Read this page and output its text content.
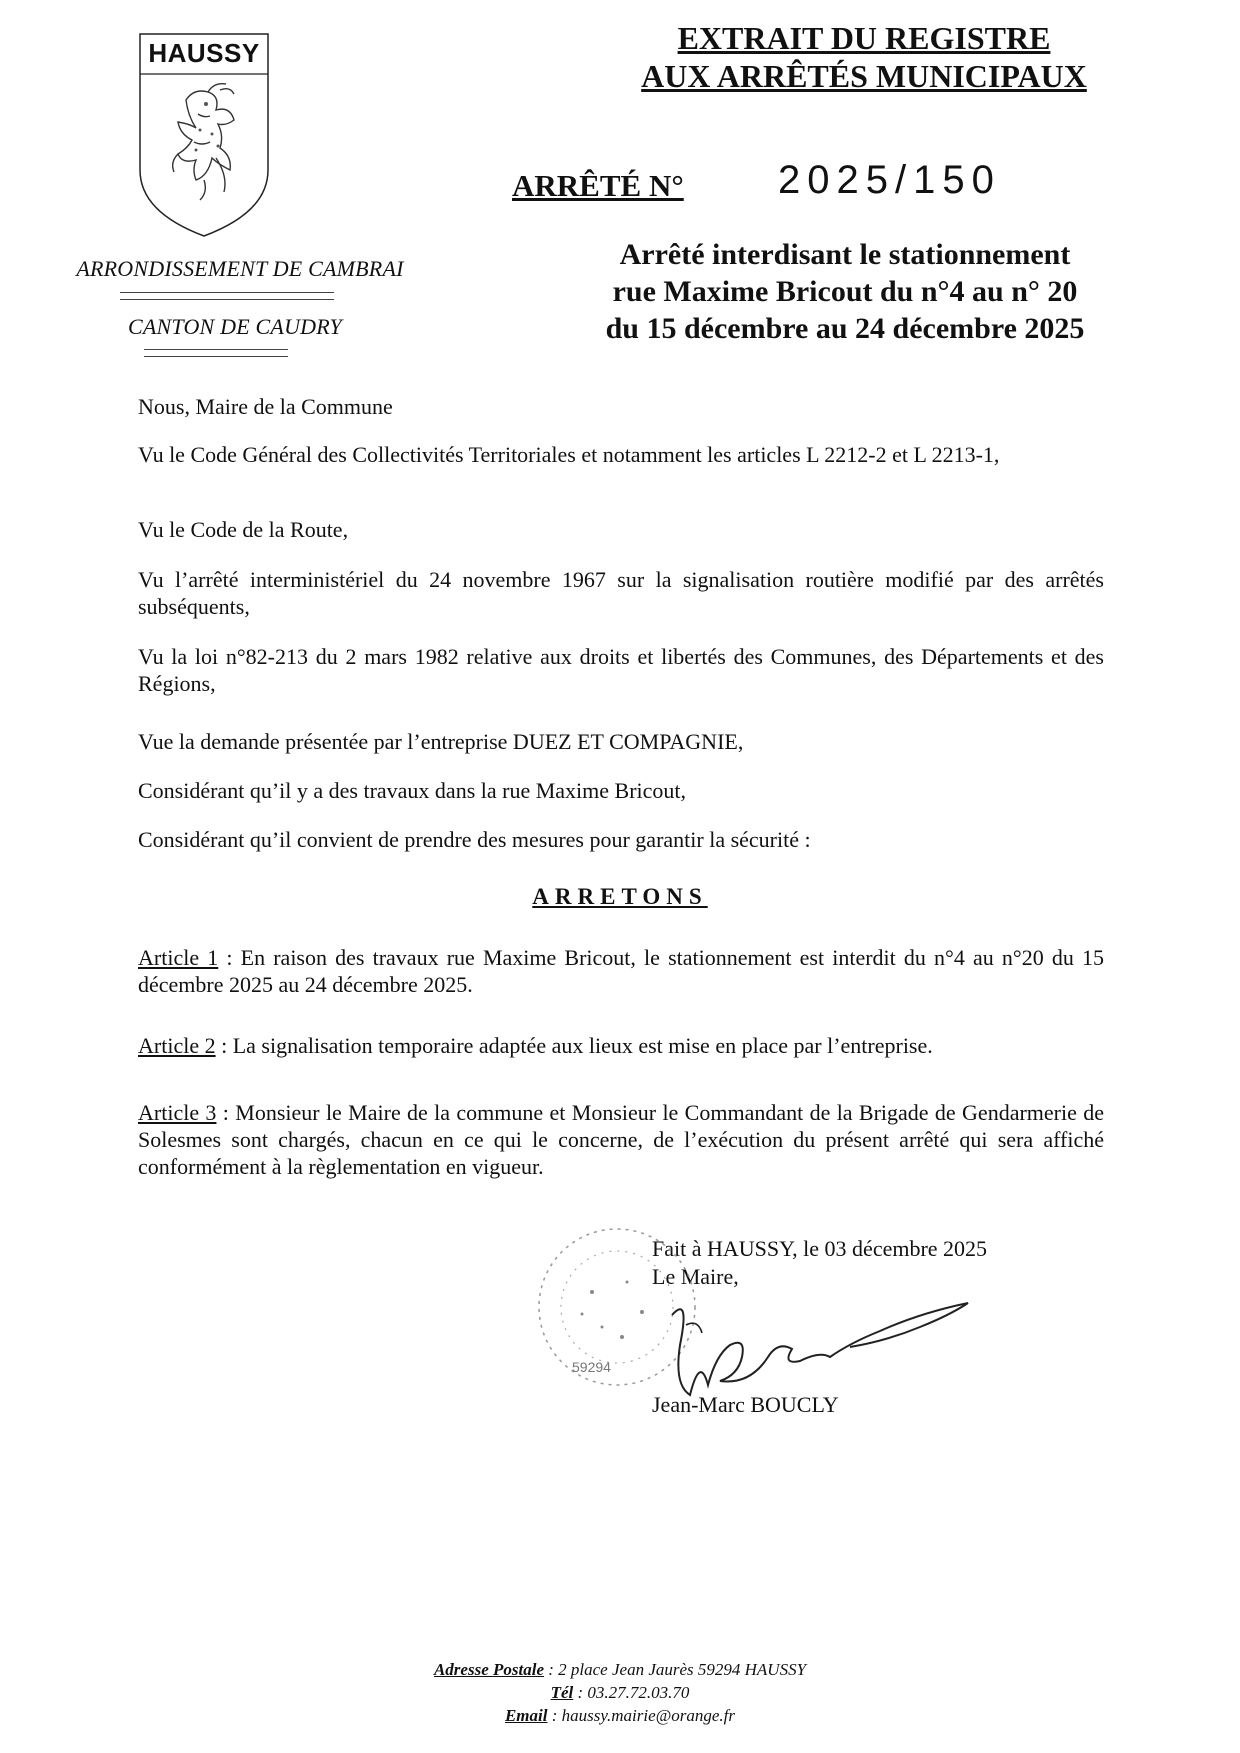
HAUSSY
ARRONDISSEMENT DE CAMBRAI
CANTON DE CAUDRY
EXTRAIT DU REGISTRE
AUX ARRÊTÉS MUNICIPAUX
ARRÊTÉ N° 2025/150
Arrêté interdisant le stationnement
rue Maxime Bricout du n°4 au n° 20
du 15 décembre au 24 décembre 2025
Nous, Maire de la Commune
Vu le Code Général des Collectivités Territoriales et notamment les articles L 2212-2 et L 2213-1,
Vu le Code de la Route,
Vu l’arrêté interministériel du 24 novembre 1967 sur la signalisation routière modifié par des arrêtés subséquents,
Vu la loi n°82-213 du 2 mars 1982 relative aux droits et libertés des Communes, des Départements et des Régions,
Vue la demande présentée par l’entreprise DUEZ ET COMPAGNIE,
Considérant qu’il y a des travaux dans la rue Maxime Bricout,
Considérant qu’il convient de prendre des mesures pour garantir la sécurité :
ARRETONS
Article 1 : En raison des travaux rue Maxime Bricout, le stationnement est interdit du n°4 au n°20 du 15 décembre 2025 au 24 décembre 2025.
Article 2 : La signalisation temporaire adaptée aux lieux est mise en place par l’entreprise.
Article 3 : Monsieur le Maire de la commune et Monsieur le Commandant de la Brigade de Gendarmerie de Solesmes sont chargés, chacun en ce qui le concerne, de l’exécution du présent arrêté qui sera affiché conformément à la règlementation en vigueur.
Fait à HAUSSY, le 03 décembre 2025
Le Maire,
59294
Jean-Marc BOUCLY
Adresse Postale : 2 place Jean Jaurès 59294 HAUSSY
Tél : 03.27.72.03.70
Email : haussy.mairie@orange.fr
